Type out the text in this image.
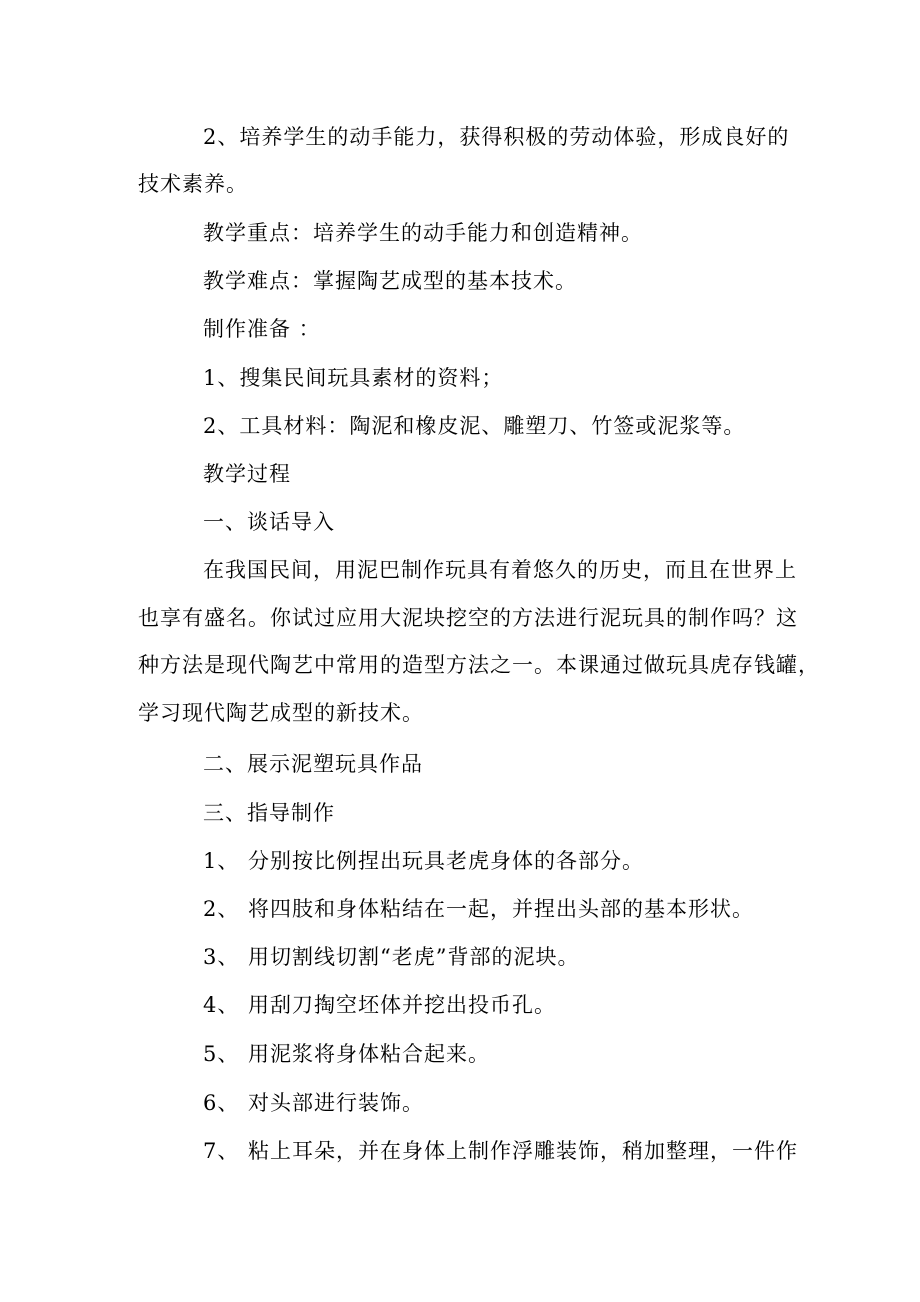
2、培养学生的动手能力，获得积极的劳动体验，形成良好的
技术素养。
教学重点：培养学生的动手能力和创造精神。
教学难点：掌握陶艺成型的基本技术。
制作准备 ：
1、搜集民间玩具素材的资料；
2、工具材料：陶泥和橡皮泥、雕塑刀、竹签或泥浆等。
教学过程
一、谈话导入
在我国民间，用泥巴制作玩具有着悠久的历史，而且在世界上
也享有盛名。你试过应用大泥块挖空的方法进行泥玩具的制作吗？这
种方法是现代陶艺中常用的造型方法之一。本课通过做玩具虎存钱罐，
学习现代陶艺成型的新技术。
二、展示泥塑玩具作品
三、指导制作
1、 分别按比例捏出玩具老虎身体的各部分。
2、 将四肢和身体粘结在一起，并捏出头部的基本形状。
3、 用切割线切割“老虎”背部的泥块。
4、 用刮刀掏空坯体并挖出投币孔。
5、 用泥浆将身体粘合起来。
6、 对头部进行装饰。
7、 粘上耳朵，并在身体上制作浮雕装饰，稍加整理，一件作
